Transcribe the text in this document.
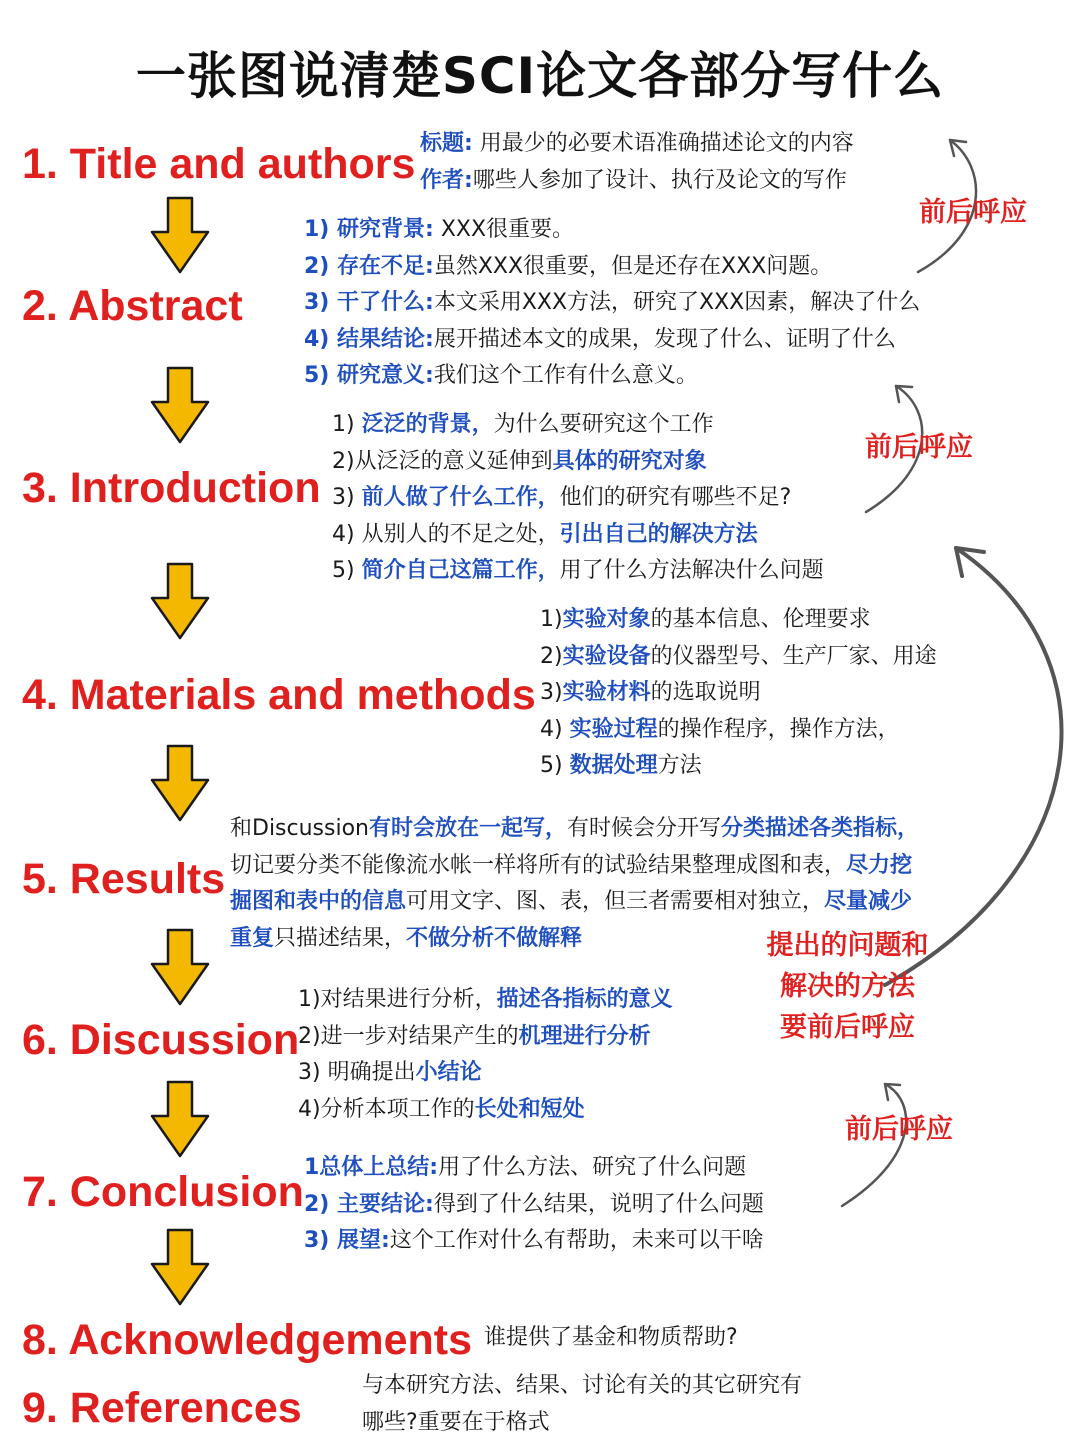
一张图说清楚SCI论文各部分写什么
1. Title and authors
2. Abstract
3. Introduction
4. Materials and methods
5. Results
6. Discussion
7. Conclusion
8. Acknowledgements
9. References
标题: 用最少的必要术语准确描述论文的内容
作者:哪些人参加了设计、执行及论文的写作
1) 研究背景: XXX很重要。
2) 存在不足:虽然XXX很重要，但是还存在XXX问题。
3) 干了什么:本文采用XXX方法，研究了XXX因素，解决了什么
4) 结果结论:展开描述本文的成果，发现了什么、证明了什么
5) 研究意义:我们这个工作有什么意义。
1) 泛泛的背景，为什么要研究这个工作
2)从泛泛的意义延伸到具体的研究对象
3) 前人做了什么工作，他们的研究有哪些不足?
4) 从别人的不足之处，引出自己的解决方法
5) 简介自己这篇工作，用了什么方法解决什么问题
1)实验对象的基本信息、伦理要求
2)实验设备的仪器型号、生产厂家、用途
3)实验材料的选取说明
4) 实验过程的操作程序，操作方法，
5) 数据处理方法
和Discussion有时会放在一起写，有时候会分开写分类描述各类指标，
切记要分类不能像流水帐一样将所有的试验结果整理成图和表，尽力挖
掘图和表中的信息可用文字、图、表，但三者需要相对独立，尽量减少
重复只描述结果，不做分析不做解释
1)对结果进行分析，描述各指标的意义
2)进一步对结果产生的机理进行分析
3) 明确提出小结论
4)分析本项工作的长处和短处
1总体上总结:用了什么方法、研究了什么问题
2) 主要结论:得到了什么结果，说明了什么问题
3) 展望:这个工作对什么有帮助，未来可以干啥
谁提供了基金和物质帮助?
与本研究方法、结果、讨论有关的其它研究有
哪些?重要在于格式
前后呼应
前后呼应
提出的问题和
解决的方法
要前后呼应
前后呼应
